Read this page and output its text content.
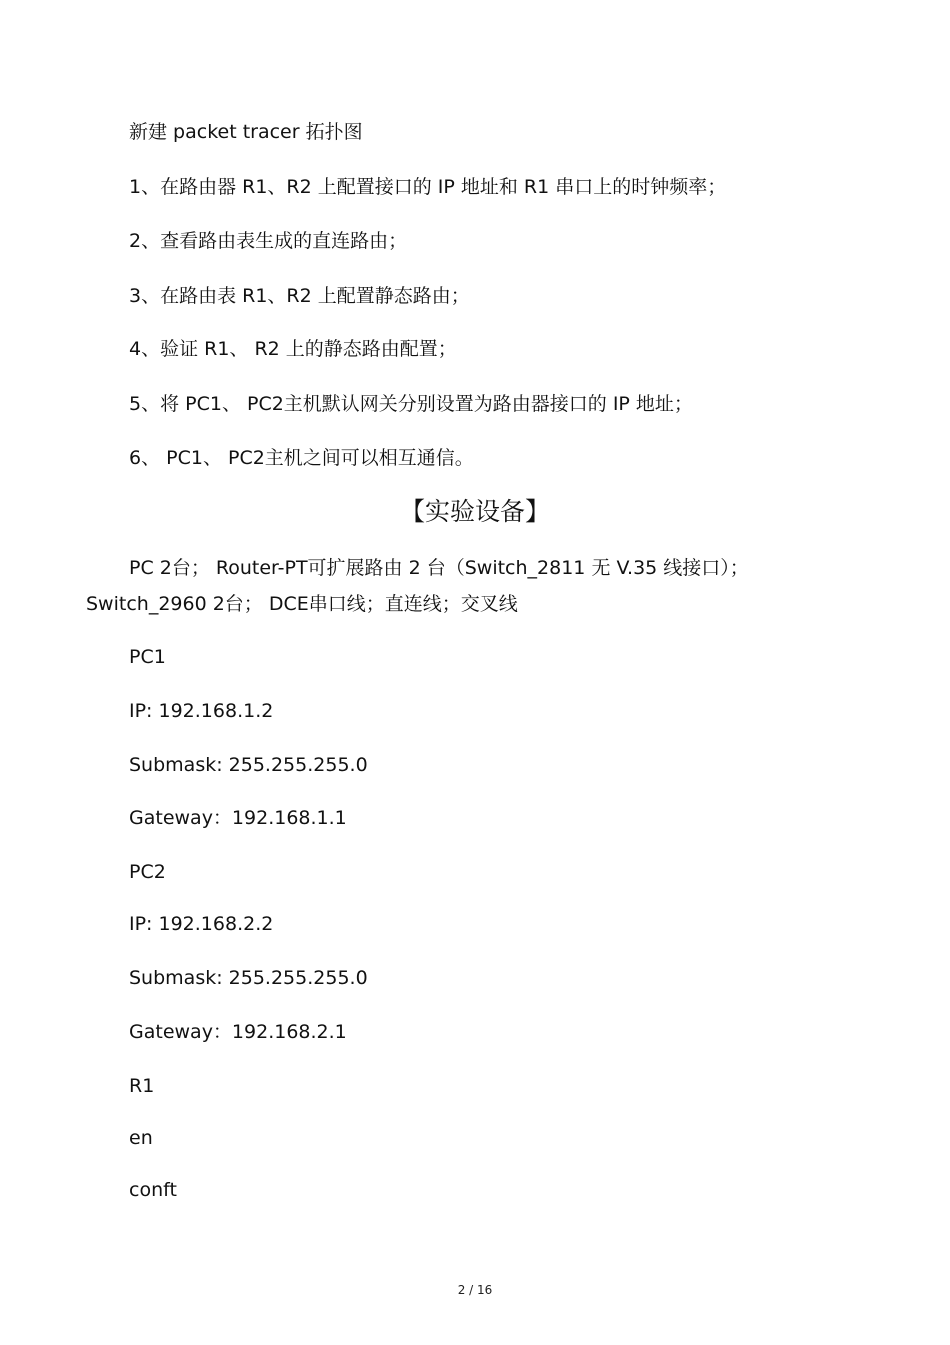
新建 packet tracer 拓扑图
1、在路由器 R1、R2 上配置接口的 IP 地址和 R1 串口上的时钟频率；
2、查看路由表生成的直连路由；
3、在路由表 R1、R2 上配置静态路由；
4、验证 R1、 R2 上的静态路由配置；
5、将 PC1、 PC2主机默认网关分别设置为路由器接口的 IP 地址；
6、 PC1、 PC2主机之间可以相互通信。
【实验设备】
PC 2台； Router-PT可扩展路由 2 台（Switch_2811 无 V.35 线接口）；
Switch_2960 2台； DCE串口线；直连线；交叉线
PC1
IP: 192.168.1.2
Submask: 255.255.255.0
Gateway：192.168.1.1
PC2
IP: 192.168.2.2
Submask: 255.255.255.0
Gateway：192.168.2.1
R1
en
conft
2 / 16
